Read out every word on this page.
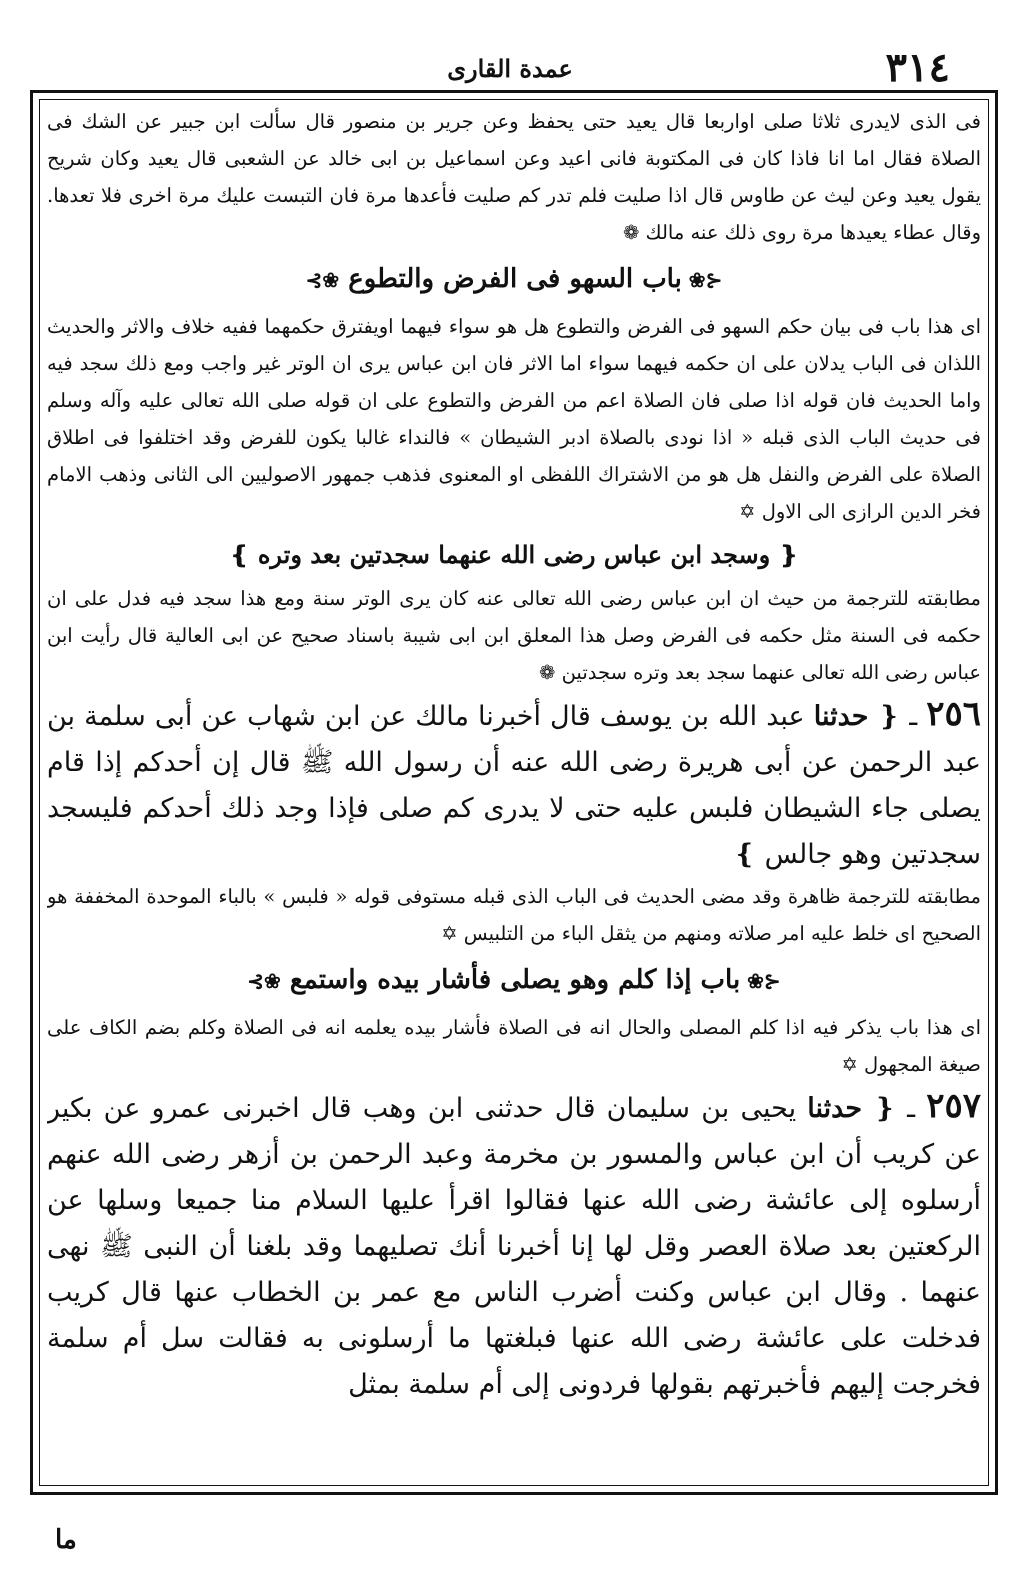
٣١٤
عمدة القاری

فی الذی لایدری ثلاثا صلی اواربعا قال یعید حتی یحفظ وعن جریر بن منصور قال سألت ابن جبیر عن الشك فی الصلاة فقال اما انا فاذا كان فی المكتوبة فانی اعید وعن اسماعیل بن ابی خالد عن الشعبی قال یعید وكان شریح یقول یعید وعن لیث عن طاوس قال اذا صلیت فلم تدر كم صلیت فأعدها مرة فان التبست علیك مرة اخری فلا تعدها. وقال عطاء یعیدها مرة روی ذلك عنه مالك ❁

⊰❀ باب السهو فی الفرض والتطوع ❀⊱

ای هذا باب فی بیان حكم السهو فی الفرض والتطوع هل هو سواء فیهما اویفترق حكمهما ففیه خلاف والاثر والحدیث اللذان فی الباب یدلان علی ان حكمه فیهما سواء اما الاثر فان ابن عباس یری ان الوتر غیر واجب ومع ذلك سجد فیه واما الحدیث فان قوله اذا صلی فان الصلاة اعم من الفرض والتطوع علی ان قوله صلی الله تعالی علیه وآله وسلم فی حدیث الباب الذی قبله « اذا نودی بالصلاة ادبر الشیطان » فالنداء غالبا یكون للفرض وقد اختلفوا فی اطلاق الصلاة علی الفرض والنفل هل هو من الاشتراك اللفظی او المعنوی فذهب جمهور الاصولیین الی الثانی وذهب الامام فخر الدین الرازی الی الاول ✡

❴ وسجد ابن عباس رضی الله عنهما سجدتین بعد وتره ❵

مطابقته للترجمة من حیث ان ابن عباس رضی الله تعالی عنه كان یری الوتر سنة ومع هذا سجد فیه فدل علی ان حكمه فی السنة مثل حكمه فی الفرض وصل هذا المعلق ابن ابی شیبة باسناد صحیح عن ابی العالیة قال رأیت ابن عباس رضی الله تعالی عنهما سجد بعد وتره سجدتین ❁

٢٥٦ ـ ❴ حدثنا عبد الله بن یوسف قال أخبرنا مالك عن ابن شهاب عن أبی سلمة بن عبد الرحمن عن أبی هریرة رضی الله عنه أن رسول الله ﷺ قال إن أحدكم إذا قام یصلی جاء الشیطان فلبس علیه حتی لا یدری كم صلی فإذا وجد ذلك أحدكم فلیسجد سجدتین وهو جالس ❵

مطابقته للترجمة ظاهرة وقد مضی الحدیث فی الباب الذی قبله مستوفی قوله « فلبس » بالباء الموحدة المخففة هو الصحیح ای خلط علیه امر صلاته ومنهم من یثقل الباء من التلبیس ✡

⊰❀ باب إذا كلم وهو یصلی فأشار بیده واستمع ❀⊱

ای هذا باب یذكر فیه اذا كلم المصلی والحال انه فی الصلاة فأشار بیده یعلمه انه فی الصلاة وكلم بضم الكاف علی صیغة المجهول ✡

٢٥٧ ـ ❴ حدثنا یحیی بن سلیمان قال حدثنی ابن وهب قال اخبرنی عمرو عن بكیر عن كریب أن ابن عباس والمسور بن مخرمة وعبد الرحمن بن أزهر رضی الله عنهم أرسلوه إلی عائشة رضی الله عنها فقالوا اقرأ علیها السلام منا جمیعا وسلها عن الركعتین بعد صلاة العصر وقل لها إنا أخبرنا أنك تصلیهما وقد بلغنا أن النبی ﷺ نهی عنهما . وقال ابن عباس وكنت أضرب الناس مع عمر بن الخطاب عنها قال كریب فدخلت علی عائشة رضی الله عنها فبلغتها ما أرسلونی به فقالت سل أم سلمة فخرجت إلیهم فأخبرتهم بقولها فردونی إلی أم سلمة بمثل

ما
